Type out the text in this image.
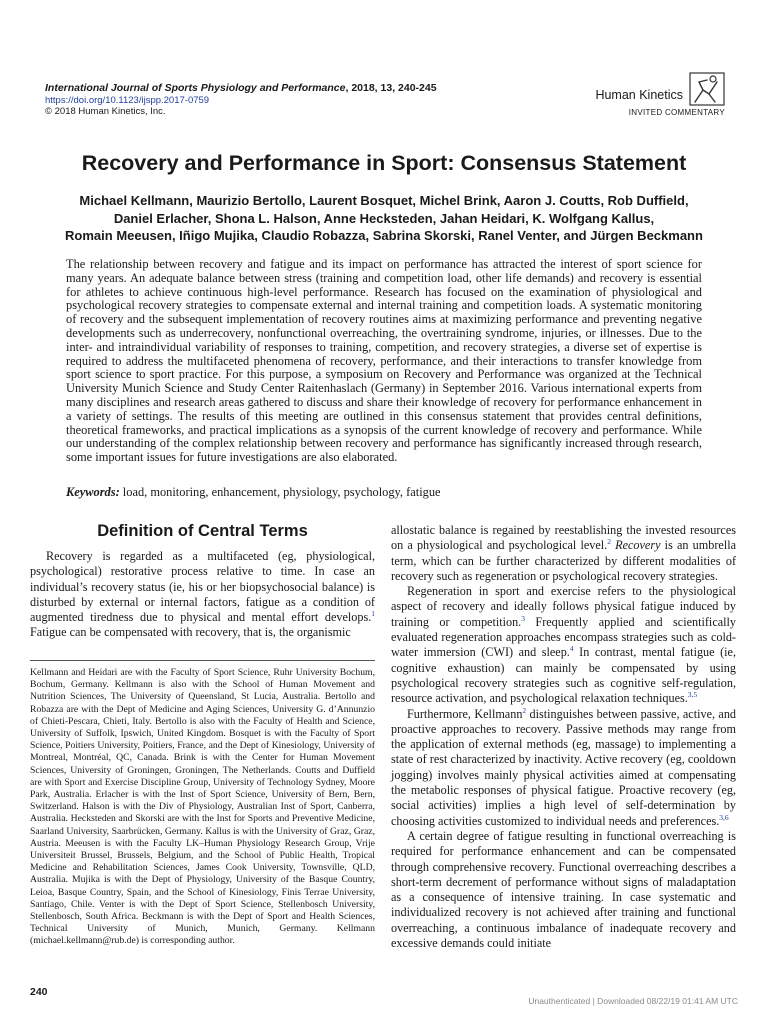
International Journal of Sports Physiology and Performance, 2018, 13, 240-245
https://doi.org/10.1123/ijspp.2017-0759
© 2018 Human Kinetics, Inc.
Human Kinetics
INVITED COMMENTARY
Recovery and Performance in Sport: Consensus Statement
Michael Kellmann, Maurizio Bertollo, Laurent Bosquet, Michel Brink, Aaron J. Coutts, Rob Duffield,
Daniel Erlacher, Shona L. Halson, Anne Hecksteden, Jahan Heidari, K. Wolfgang Kallus,
Romain Meeusen, Iñigo Mujika, Claudio Robazza, Sabrina Skorski, Ranel Venter, and Jürgen Beckmann

The relationship between recovery and fatigue and its impact on performance has attracted the interest of sport science for many years. An adequate balance between stress (training and competition load, other life demands) and recovery is essential for athletes to achieve continuous high-level performance. Research has focused on the examination of physiological and psychological recovery strategies to compensate external and internal training and competition loads. A systematic monitoring of recovery and the subsequent implementation of recovery routines aims at maximizing performance and preventing negative developments such as underrecovery, nonfunctional overreaching, the overtraining syndrome, injuries, or illnesses. Due to the inter- and intraindividual variability of responses to training, competition, and recovery strategies, a diverse set of expertise is required to address the multifaceted phenomena of recovery, performance, and their interactions to transfer knowledge from sport science to sport practice. For this purpose, a symposium on Recovery and Performance was organized at the Technical University Munich Science and Study Center Raitenhaslach (Germany) in September 2016. Various international experts from many disciplines and research areas gathered to discuss and share their knowledge of recovery for performance enhancement in a variety of settings. The results of this meeting are outlined in this consensus statement that provides central definitions, theoretical frameworks, and practical implications as a synopsis of the current knowledge of recovery and performance. While our understanding of the complex relationship between recovery and performance has significantly increased through research, some important issues for future investigations are also elaborated.

Keywords: load, monitoring, enhancement, physiology, psychology, fatigue
Definition of Central Terms

Recovery is regarded as a multifaceted (eg, physiological, psychological) restorative process relative to time. In case an individual’s recovery status (ie, his or her biopsychosocial balance) is disturbed by external or internal factors, fatigue as a condition of augmented tiredness due to physical and mental effort develops.$^1$ Fatigue can be compensated with recovery, that is, the organismic

allostatic balance is regained by reestablishing the invested resources on a physiological and psychological level.$^2$ Recovery is an umbrella term, which can be further characterized by different modalities of recovery such as regeneration or psychological recovery strategies.

Regeneration in sport and exercise refers to the physiological aspect of recovery and ideally follows physical fatigue induced by training or competition.$^3$ Frequently applied and scientifically evaluated regeneration approaches encompass strategies such as cold-water immersion (CWI) and sleep.$^4$ In contrast, mental fatigue (ie, cognitive exhaustion) can mainly be compensated by using psychological recovery strategies such as cognitive self-regulation, resource activation, and psychological relaxation techniques.$^{3,5}$

Furthermore, Kellmann$^2$ distinguishes between passive, active, and proactive approaches to recovery. Passive methods may range from the application of external methods (eg, massage) to implementing a state of rest characterized by inactivity. Active recovery (eg, cooldown jogging) involves mainly physical activities aimed at compensating the metabolic responses of physical fatigue. Proactive recovery (eg, social activities) implies a high level of self-determination by choosing activities customized to individual needs and preferences.$^{3,6}$

A certain degree of fatigue resulting in functional overreaching is required for performance enhancement and can be compensated through comprehensive recovery. Functional overreaching describes a short-term decrement of performance without signs of maladaptation as a consequence of intensive training. In case systematic and individualized recovery is not achieved after training and functional overreaching, a continuous imbalance of inadequate recovery and excessive demands could initiate

Kellmann and Heidari are with the Faculty of Sport Science, Ruhr University Bochum, Bochum, Germany. Kellmann is also with the School of Human Movement and Nutrition Sciences, The University of Queensland, St Lucia, Australia. Bertollo and Robazza are with the Dept of Medicine and Aging Sciences, University G. d’Annunzio of Chieti-Pescara, Chieti, Italy. Bertollo is also with the Faculty of Health and Science, University of Suffolk, Ipswich, United Kingdom. Bosquet is with the Faculty of Sport Science, Poitiers University, Poitiers, France, and the Dept of Kinesiology, University of Montreal, Montréal, QC, Canada. Brink is with the Center for Human Movement Sciences, University of Groningen, Groningen, The Netherlands. Coutts and Duffield are with Sport and Exercise Discipline Group, University of Technology Sydney, Moore Park, Australia. Erlacher is with the Inst of Sport Science, University of Bern, Bern, Switzerland. Halson is with the Div of Physiology, Australian Inst of Sport, Canberra, Australia. Hecksteden and Skorski are with the Inst for Sports and Preventive Medicine, Saarland University, Saarbrücken, Germany. Kallus is with the University of Graz, Graz, Austria. Meeusen is with the Faculty LK–Human Physiology Research Group, Vrije Universiteit Brussel, Brussels, Belgium, and the School of Public Health, Tropical Medicine and Rehabilitation Sciences, James Cook University, Townsville, QLD, Australia. Mujika is with the Dept of Physiology, University of the Basque Country, Leioa, Basque Country, Spain, and the School of Kinesiology, Finis Terrae University, Santiago, Chile. Venter is with the Dept of Sport Science, Stellenbosch University, Stellenbosch, South Africa. Beckmann is with the Dept of Sport and Health Sciences, Technical University of Munich, Munich, Germany. Kellmann (michael.kellmann@rub.de) is corresponding author.

240
Unauthenticated | Downloaded 08/22/19 01:41 AM UTC
